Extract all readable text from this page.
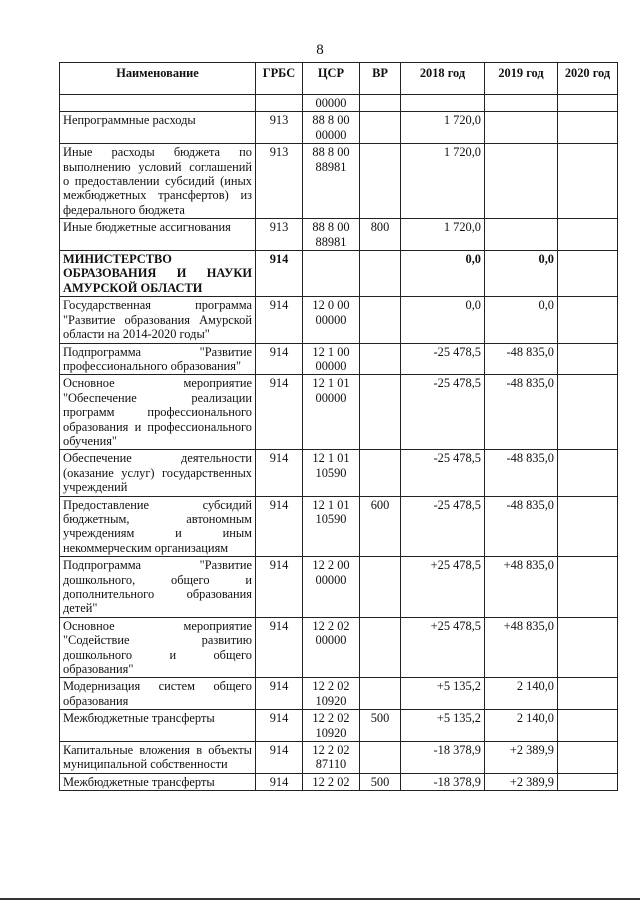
8
Наименование	ГРБС	ЦСР	ВР	2018 год	2019 год	2020 год
		00000				
Непрограммные расходы	913	88 8 00 00000		1 720,0		
Иные расходы бюджета по выполнению условий соглашений о предоставлении субсидий (иных межбюджетных трансфертов) из федерального бюджета	913	88 8 00 88981		1 720,0		
Иные бюджетные ассигнования	913	88 8 00 88981	800	1 720,0		
МИНИСТЕРСТВО ОБРАЗОВАНИЯ И НАУКИ АМУРСКОЙ ОБЛАСТИ	914			0,0	0,0	
Государственная программа "Развитие образования Амурской области на 2014-2020 годы"	914	12 0 00 00000		0,0	0,0	
Подпрограмма "Развитие профессионального образования"	914	12 1 00 00000		-25 478,5	-48 835,0	
Основное мероприятие "Обеспечение реализации программ профессионального образования и профессионального обучения"	914	12 1 01 00000		-25 478,5	-48 835,0	
Обеспечение деятельности (оказание услуг) государственных учреждений	914	12 1 01 10590		-25 478,5	-48 835,0	
Предоставление субсидий бюджетным, автономным учреждениям и иным некоммерческим организациям	914	12 1 01 10590	600	-25 478,5	-48 835,0	
Подпрограмма "Развитие дошкольного, общего и дополнительного образования детей"	914	12 2 00 00000		+25 478,5	+48 835,0	
Основное мероприятие "Содействие развитию дошкольного и общего образования"	914	12 2 02 00000		+25 478,5	+48 835,0	
Модернизация систем общего образования	914	12 2 02 10920		+5 135,2	2 140,0	
Межбюджетные трансферты	914	12 2 02 10920	500	+5 135,2	2 140,0	
Капитальные вложения в объекты муниципальной собственности	914	12 2 02 87110		-18 378,9	+2 389,9	
Межбюджетные трансферты	914	12 2 02	500	-18 378,9	+2 389,9	
